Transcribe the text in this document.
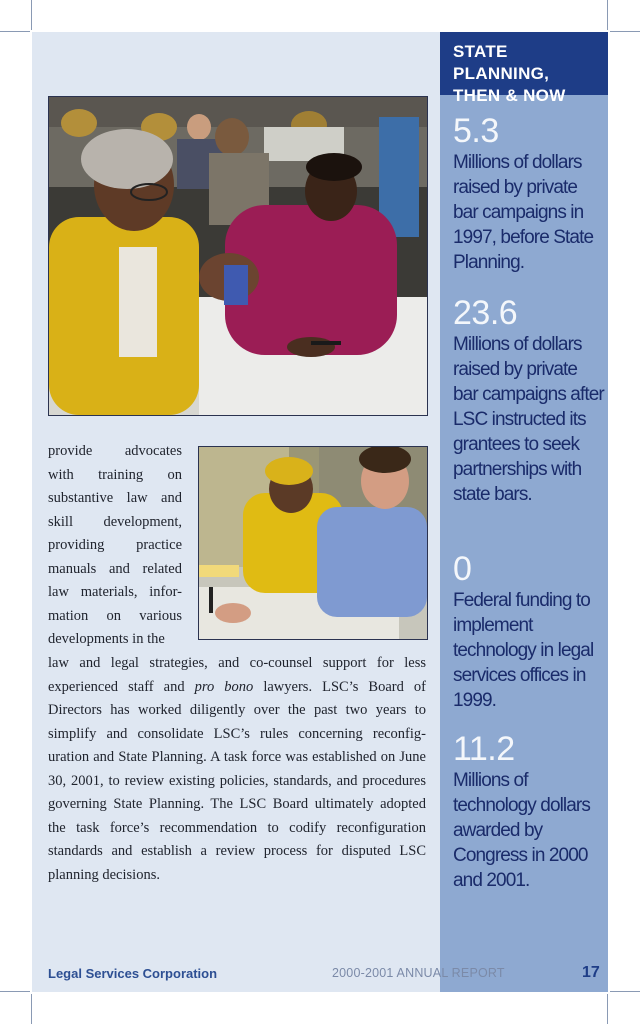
provide advocates with training on substantive law and skill development, providing practice manuals and related law materials, infor-mation on various developments in the
law and legal strategies, and co-counsel support for less experienced staff and pro bono lawyers. LSC’s Board of Directors has worked diligently over the past two years to simplify and consolidate LSC’s rules concerning reconfig-uration and State Planning. A task force was established on June 30, 2001, to review existing policies, standards, and procedures governing State Planning. The LSC Board ultimately adopted the task force’s recommendation to codify reconfiguration standards and establish a review process for disputed LSC planning decisions.
STATE PLANNING,
THEN & NOW
5.3
Millions of dollars raised by private bar campaigns in 1997, before State Planning.
23.6
Millions of dollars raised by private bar campaigns after LSC instructed its grantees to seek partnerships with state bars.
0
Federal funding to implement technology in legal services offices in 1999.
11.2
Millions of technology dollars awarded by Congress in 2000 and 2001.
Legal Services Corporation	2000-2001 ANNUAL REPORT	17
